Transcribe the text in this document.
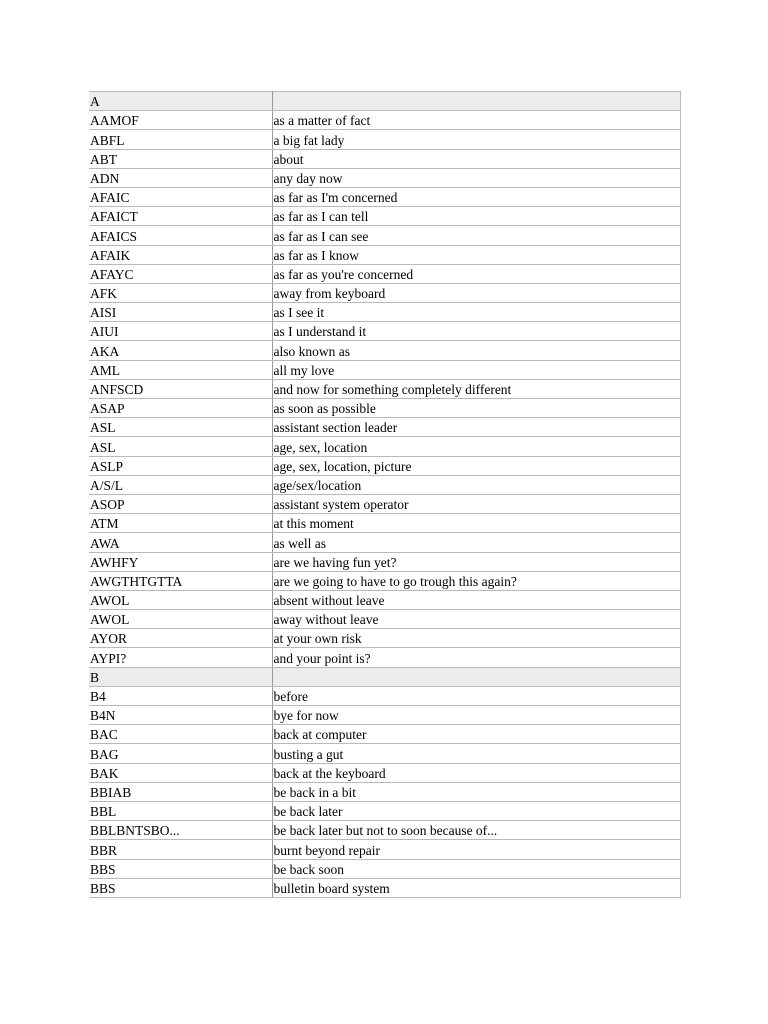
A	
AAMOF	as a matter of fact
ABFL	a big fat lady
ABT	about
ADN	any day now
AFAIC	as far as I'm concerned
AFAICT	as far as I can tell
AFAICS	as far as I can see
AFAIK	as far as I know
AFAYC	as far as you're concerned
AFK	away from keyboard
AISI	as I see it
AIUI	as I understand it
AKA	also known as
AML	all my love
ANFSCD	and now for something completely different
ASAP	as soon as possible
ASL	assistant section leader
ASL	age, sex, location
ASLP	age, sex, location, picture
A/S/L	age/sex/location
ASOP	assistant system operator
ATM	at this moment
AWA	as well as
AWHFY	are we having fun yet?
AWGTHTGTTA	are we going to have to go trough this again?
AWOL	absent without leave
AWOL	away without leave
AYOR	at your own risk
AYPI?	and your point is?
B	
B4	before
B4N	bye for now
BAC	back at computer
BAG	busting a gut
BAK	back at the keyboard
BBIAB	be back in a bit
BBL	be back later
BBLBNTSBO...	be back later but not to soon because of...
BBR	burnt beyond repair
BBS	be back soon
BBS	bulletin board system
